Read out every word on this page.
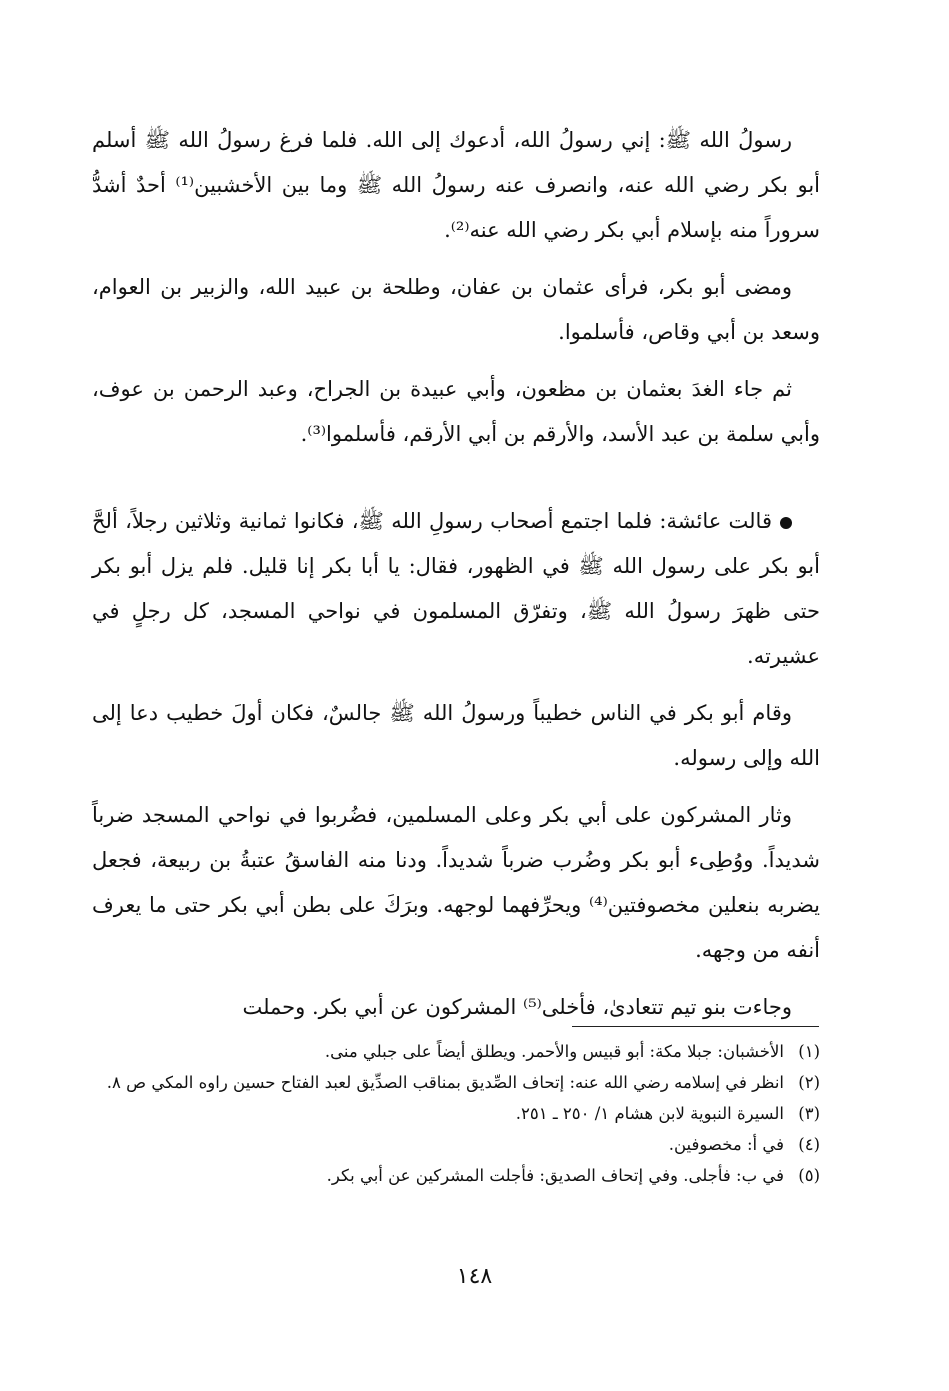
رسولُ الله ﷺ: إني رسولُ الله، أدعوك إلى الله. فلما فرغ رسولُ الله ﷺ أسلم أبو بكر رضي الله عنه، وانصرف عنه رسولُ الله ﷺ وما بين الأخشبين⁽¹⁾ أحدٌ أشدُّ سروراً منه بإسلام أبي بكر رضي الله عنه⁽²⁾.

ومضى أبو بكر، فرأى عثمان بن عفان، وطلحة بن عبيد الله، والزبير بن العوام، وسعد بن أبي وقاص، فأسلموا.

ثم جاء الغدَ بعثمان بن مظعون، وأبي عبيدة بن الجراح، وعبد الرحمن بن عوف، وأبي سلمة بن عبد الأسد، والأرقم بن أبي الأرقم، فأسلموا⁽³⁾.

قالت عائشة: فلما اجتمع أصحاب رسولِ الله ﷺ، فكانوا ثمانية وثلاثين رجلاً، ألحَّ أبو بكر على رسول الله ﷺ في الظهور، فقال: يا أبا بكر إنا قليل. فلم يزل أبو بكر حتى ظهرَ رسولُ الله ﷺ، وتفرّق المسلمون في نواحي المسجد، كل رجلٍ في عشيرته.

وقام أبو بكر في الناس خطيباً ورسولُ الله ﷺ جالسٌ، فكان أولَ خطيب دعا إلى الله وإلى رسوله.

وثار المشركون على أبي بكر وعلى المسلمين، فضُربوا في نواحي المسجد ضرباً شديداً. ووُطِىء أبو بكر وضُرب ضرباً شديداً. ودنا منه الفاسقُ عتبةُ بن ربيعة، فجعل يضربه بنعلين مخصوفتين⁽⁴⁾ ويحرِّفهما لوجهه. وبرَكَ على بطن أبي بكر حتى ما يعرف أنفه من وجهه.

وجاءت بنو تيم تتعادىٰ، فأخلى⁽⁵⁾ المشركون عن أبي بكر. وحملت

(١)
الأخشبان: جبلا مكة: أبو قبيس والأحمر. ويطلق أيضاً على جبلي منى.
(٢)
انظر في إسلامه رضي الله عنه: إتحاف الصِّديق بمناقب الصدِّيق لعبد الفتاح حسين راوه المكي ص ٨.
(٣)
السيرة النبوية لابن هشام ١/ ٢٥٠ ـ ٢٥١.
(٤)
في أ: مخصوفين.
(٥)
في ب: فأجلى. وفي إتحاف الصديق: فأجلت المشركين عن أبي بكر.
١٤٨
